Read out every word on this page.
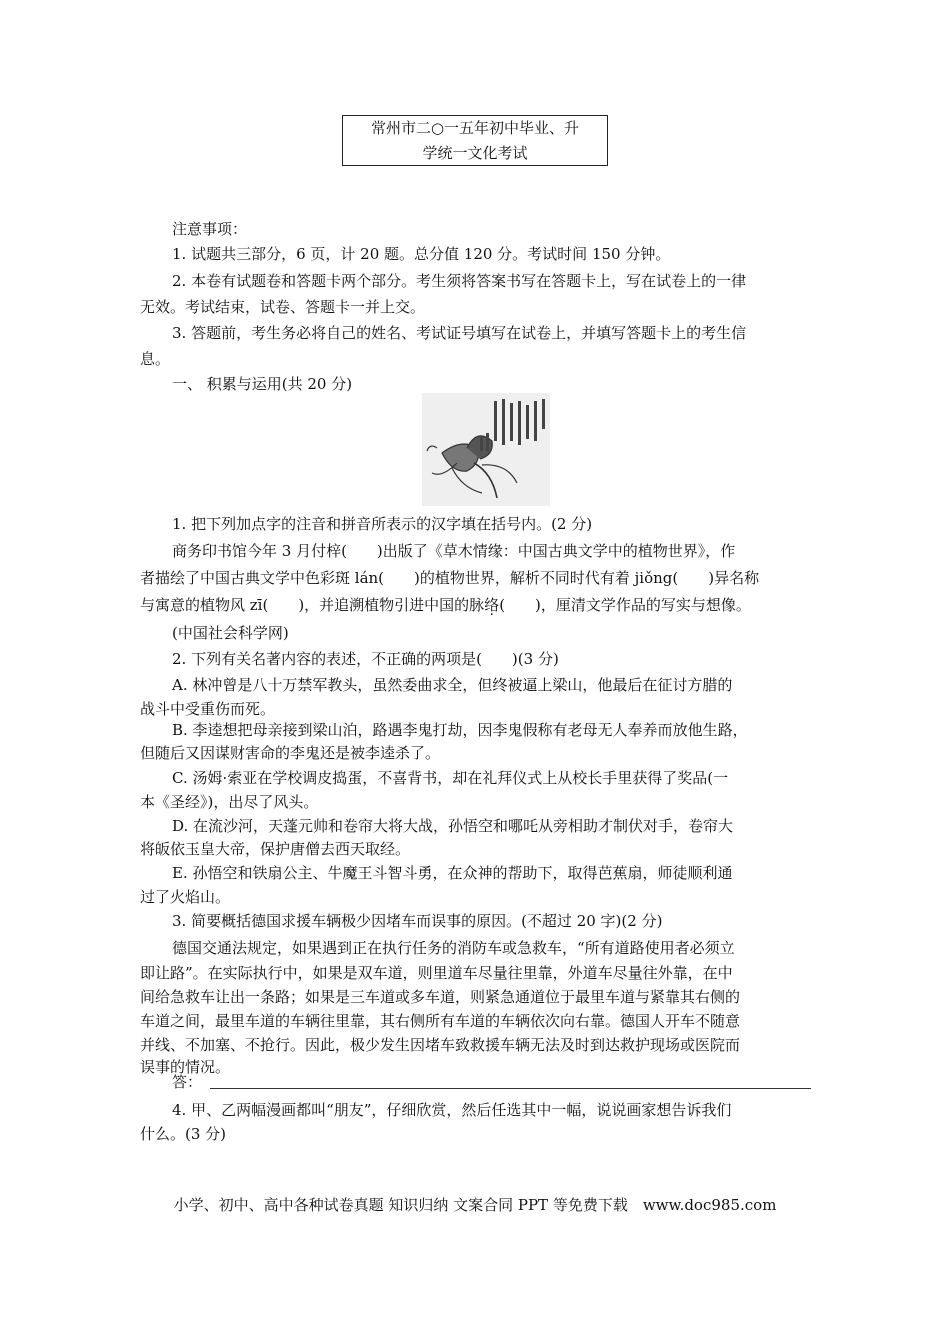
常州市二○一五年初中毕业、升
学统一文化考试
注意事项：
1. 试题共三部分，6 页，计 20 题。总分值 120 分。考试时间 150 分钟。
2. 本卷有试题卷和答题卡两个部分。考生须将答案书写在答题卡上，写在试卷上的一律
无效。考试结束，试卷、答题卡一并上交。
3. 答题前，考生务必将自己的姓名、考试证号填写在试卷上，并填写答题卡上的考生信
息。
一、 积累与运用(共 20 分)
1. 把下列加点字的注音和拼音所表示的汉字填在括号内。(2 分)
商务印书馆今年 3 月付梓(　　)出版了《草木情缘：中国古典文学中的植物世界》，作
者描绘了中国古典文学中色彩斑 lán(　　)的植物世界，解析不同时代有着 jiǒng(　　)异名称
与寓意的植物风 zī(　　)，并追溯植物引进中国的脉络(　　)，厘清文学作品的写实与想像。
(中国社会科学网)
2. 下列有关名著内容的表述，不正确的两项是(　　)(3 分)
A. 林冲曾是八十万禁军教头，虽然委曲求全，但终被逼上梁山，他最后在征讨方腊的
战斗中受重伤而死。
B. 李逵想把母亲接到梁山泊，路遇李鬼打劫，因李鬼假称有老母无人奉养而放他生路，
但随后又因谋财害命的李鬼还是被李逵杀了。
C. 汤姆·索亚在学校调皮捣蛋，不喜背书，却在礼拜仪式上从校长手里获得了奖品(一
本《圣经》)，出尽了风头。
D. 在流沙河，天蓬元帅和卷帘大将大战，孙悟空和哪吒从旁相助才制伏对手，卷帘大
将皈依玉皇大帝，保护唐僧去西天取经。
E. 孙悟空和铁扇公主、牛魔王斗智斗勇，在众神的帮助下，取得芭蕉扇，师徒顺利通
过了火焰山。
3. 简要概括德国求援车辆极少因堵车而误事的原因。(不超过 20 字)(2 分)
德国交通法规定，如果遇到正在执行任务的消防车或急救车，“所有道路使用者必须立
即让路”。在实际执行中，如果是双车道，则里道车尽量往里靠，外道车尽量往外靠，在中
间给急救车让出一条路；如果是三车道或多车道，则紧急通道位于最里车道与紧靠其右侧的
车道之间，最里车道的车辆往里靠，其右侧所有车道的车辆依次向右靠。德国人开车不随意
并线、不加塞、不抢行。因此，极少发生因堵车致救援车辆无法及时到达救护现场或医院而
误事的情况。
答：
4. 甲、乙两幅漫画都叫“朋友”，仔细欣赏，然后任选其中一幅，说说画家想告诉我们
什么。(3 分)
小学、初中、高中各种试卷真题 知识归纳 文案合同 PPT 等免费下载　www.doc985.com
